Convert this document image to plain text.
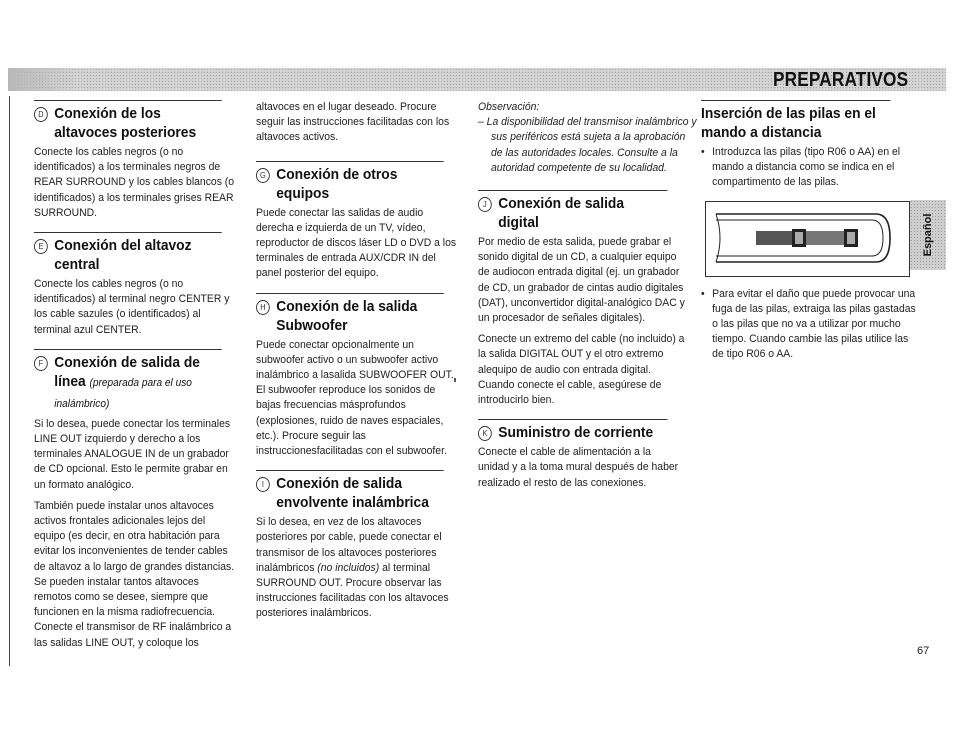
PREPARATIVOS
D Conexión de los altavoces posteriores

Conecte los cables negros (o no identificados) a los terminales negros de REAR SURROUND y los cables blancos (o identificados) a los terminales grises REAR SURROUND.

E Conexión del altavoz central

Conecte los cables negros (o no identificados) al terminal negro CENTER y los cable sazules (o identificados) al terminal azul CENTER.

F Conexión de salida de línea (preparada para el uso inalámbrico)

Si lo desea, puede conectar los terminales LINE OUT izquierdo y derecho a los terminales ANALOGUE IN de un grabador de CD opcional. Esto le permite grabar en un formato analógico.

También puede instalar unos altavoces activos frontales adicionales lejos del equipo (es decir, en otra habitación para evitar los inconvenientes de tender cables de altavoz a lo largo de grandes distancias. Se pueden instalar tantos altavoces remotos como se desee, siempre que funcionen en la misma radiofrecuencia. Conecte el transmisor de RF inalámbrico a las salidas LINE OUT, y coloque los

altavoces en el lugar deseado. Procure seguir las instrucciones facilitadas con los altavoces activos.

G Conexión de otros equipos

Puede conectar las salidas de audio derecha e izquierda de un TV, vídeo, reproductor de discos láser LD o DVD a los terminales de entrada AUX/CDR IN del panel posterior del equipo.

H Conexión de la salida Subwoofer

Puede conectar opcionalmente un subwoofer activo o un subwoofer activo inalámbrico a lasalida SUBWOOFER OUT. El subwoofer reproduce los sonidos de bajas frecuencias másprofundos (explosiones, ruido de naves espaciales, etc.). Procure seguir las instruccionesfacilitadas con el subwoofer.

I Conexión de salida envolvente inalámbrica

Si lo desea, en vez de los altavoces posteriores por cable, puede conectar el transmisor de los altavoces posteriores inalámbricos (no incluidos) al terminal SURROUND OUT. Procure observar las instrucciones facilitadas con los altavoces posteriores inalámbricos.

Observación:

– La disponibilidad del transmisor inalámbrico y sus periféricos está sujeta a la aprobación de las autoridades locales. Consulte a la autoridad competente de su localidad.

J Conexión de salida digital

Por medio de esta salida, puede grabar el sonido digital de un CD, a cualquier equipo de audiocon entrada digital (ej. un grabador de CD, un grabador de cintas audio digitales (DAT), unconvertidor digital-analógico DAC y un procesador de señales digitales).

Conecte un extremo del cable (no incluido) a la salida DIGITAL OUT y el otro extremo alequipo de audio con entrada digital. Cuando conecte el cable, asegúrese de introducirlo bien.

K Suministro de corriente

Conecte el cable de alimentación a la unidad y a la toma mural después de haber realizado el resto de las conexiones.

Inserción de las pilas en el mando a distancia
• Introduzca las pilas (tipo R06 o AA) en el mando a distancia como se indica en el compartimento de las pilas.
• Para evitar el daño que puede provocar una fuga de las pilas, extraiga las pilas gastadas o las pilas que no va a utilizar por mucho tiempo. Cuando cambie las pilas utilice las de tipo R06 o AA.
Español
67
